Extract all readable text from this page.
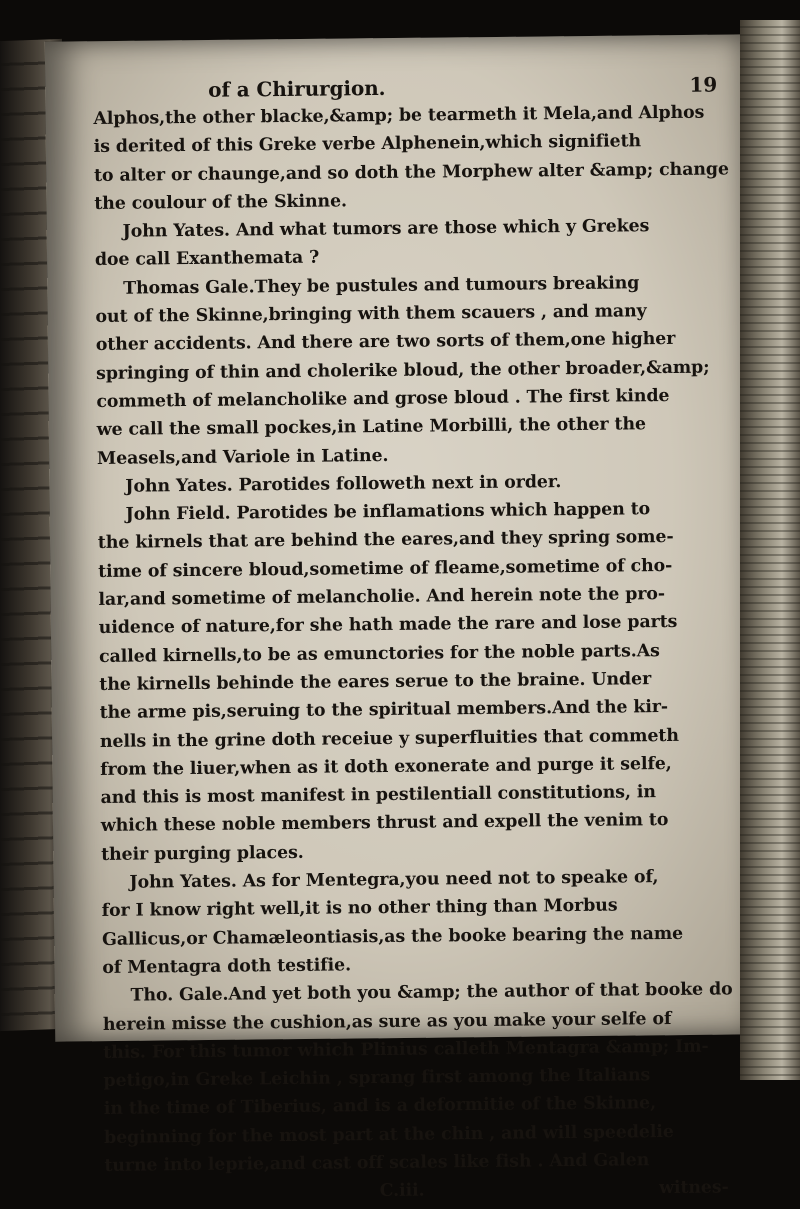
of a Chirurgion.	19
Alphos,the other blacke,&amp; be tearmeth it Mela,and Alphos
is derited of this Greke verbe Alphenein,which signifieth
to alter or chaunge,and so doth the Morphew alter &amp; change
the coulour of the Skinne.
John Yates. And what tumors are those which y Grekes
doe call Exanthemata ?
Thomas Gale.They be pustules and tumours breaking
out of the Skinne,bringing with them scauers , and many
other accidents. And there are two sorts of them,one higher
springing of thin and cholerike bloud, the other broader,&amp;
commeth of melancholike and grose bloud . The first kinde
we call the small pockes,in Latine Morbilli, the other the
Measels,and Variole in Latine.
John Yates. Parotides followeth next in order.
John Field. Parotides be inflamations which happen to
the kirnels that are behind the eares,and they spring some-
time of sincere bloud,sometime of fleame,sometime of cho-
lar,and sometime of melancholie. And herein note the pro-
uidence of nature,for she hath made the rare and lose parts
called kirnells,to be as emunctories for the noble parts.As
the kirnells behinde the eares serue to the braine. Under
the arme pis,seruing to the spiritual members.And the kir-
nells in the grine doth receiue y superfluities that commeth
from the liuer,when as it doth exonerate and purge it selfe,
and this is most manifest in pestilentiall constitutions, in
which these noble members thrust and expell the venim to
their purging places.
John Yates. As for Mentegra,you need not to speake of,
for I know right well,it is no other thing than Morbus
Gallicus,or Chamæleontiasis,as the booke bearing the name
of Mentagra doth testifie.
Tho. Gale.And yet both you &amp; the author of that booke do
herein misse the cushion,as sure as you make your selfe of
this. For this tumor which Plinius calleth Mentagra &amp; Im-
petigo,in Greke Leichin , sprang first among the Italians
in the time of Tiberius, and is a deformitie of the Skinne,
beginning for the most part at the chin , and will speedelie
turne into leprie,and cast off scales like fish . And Galen
C.iii.	witnes-
